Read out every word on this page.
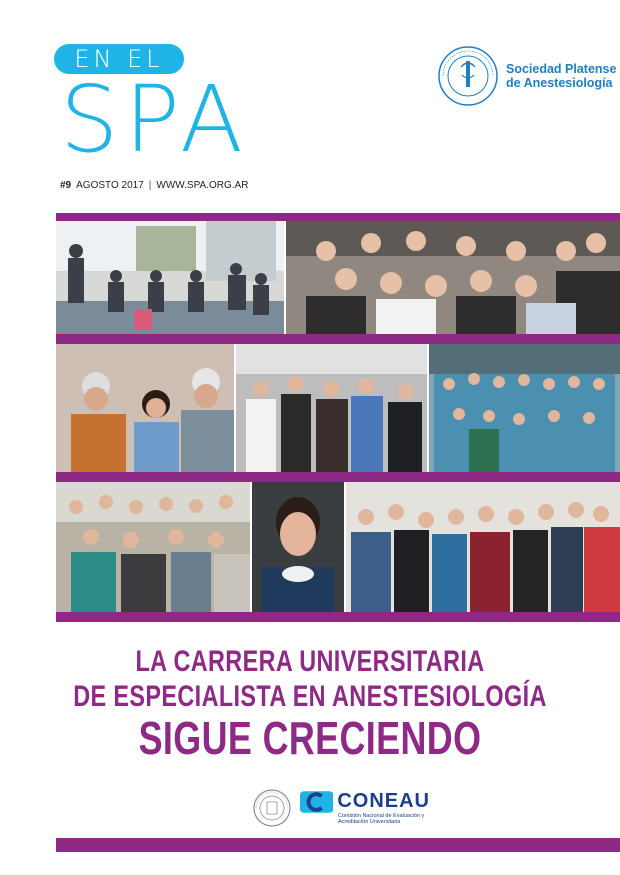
EN EL
SPA
#9 AGOSTO 2017 | WWW.SPA.ORG.AR
Sociedad Platense
de Anestesiología
LA CARRERA UNIVERSITARIA
DE ESPECIALISTA EN ANESTESIOLOGÍA
SIGUE CRECIENDO
CONEAU
Comisión Nacional de Evaluación y Acreditación Universitaria
